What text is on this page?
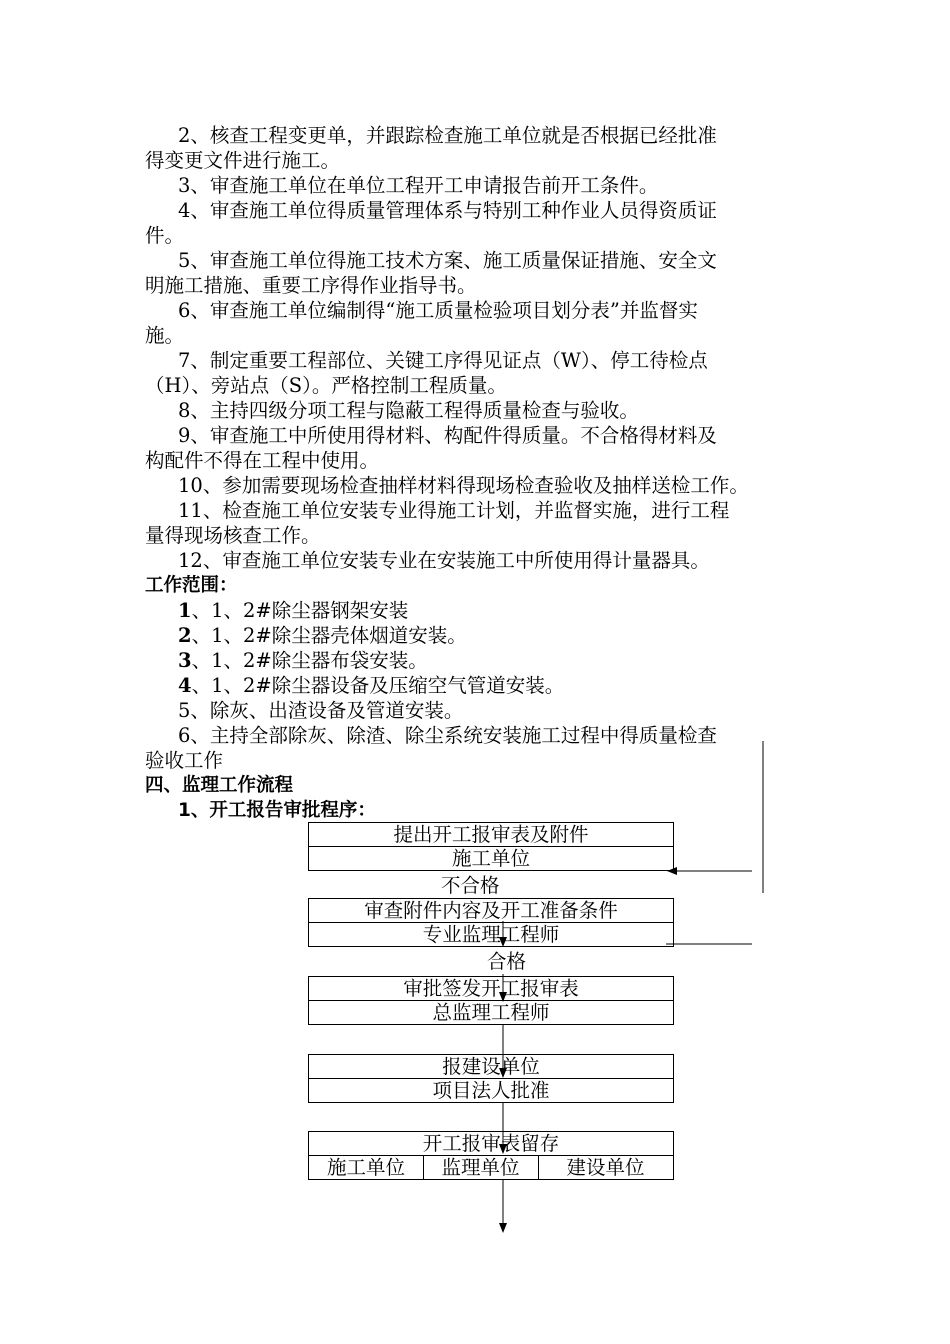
2、核查工程变更单，并跟踪检查施工单位就是否根据已经批准
得变更文件进行施工。
3、审查施工单位在单位工程开工申请报告前开工条件。
4、审查施工单位得质量管理体系与特别工种作业人员得资质证
件。
5、审查施工单位得施工技术方案、施工质量保证措施、安全文
明施工措施、重要工序得作业指导书。
6、审查施工单位编制得“施工质量检验项目划分表”并监督实
施。
7、制定重要工程部位、关键工序得见证点（W）、停工待检点
（H）、旁站点（S）。严格控制工程质量。
8、主持四级分项工程与隐蔽工程得质量检查与验收。
9、审查施工中所使用得材料、构配件得质量。不合格得材料及
构配件不得在工程中使用。
10、参加需要现场检查抽样材料得现场检查验收及抽样送检工作。
11、检查施工单位安装专业得施工计划，并监督实施，进行工程
量得现场核查工作。
12、审查施工单位安装专业在安装施工中所使用得计量器具。
工作范围：
1、1、2#除尘器钢架安装
2、1、2#除尘器壳体烟道安装。
3、1、2#除尘器布袋安装。
4、1、2#除尘器设备及压缩空气管道安装。
5、除灰、出渣设备及管道安装。
6、主持全部除灰、除渣、除尘系统安装施工过程中得质量检查
验收工作
四、监理工作流程
1、开工报告审批程序：
提出开工报审表及附件
施工单位
不合格
审查附件内容及开工准备条件
专业监理工程师
合格
审批签发开工报审表
总监理工程师
报建设单位
项目法人批准
开工报审表留存
施工单位	监理单位	建设单位
